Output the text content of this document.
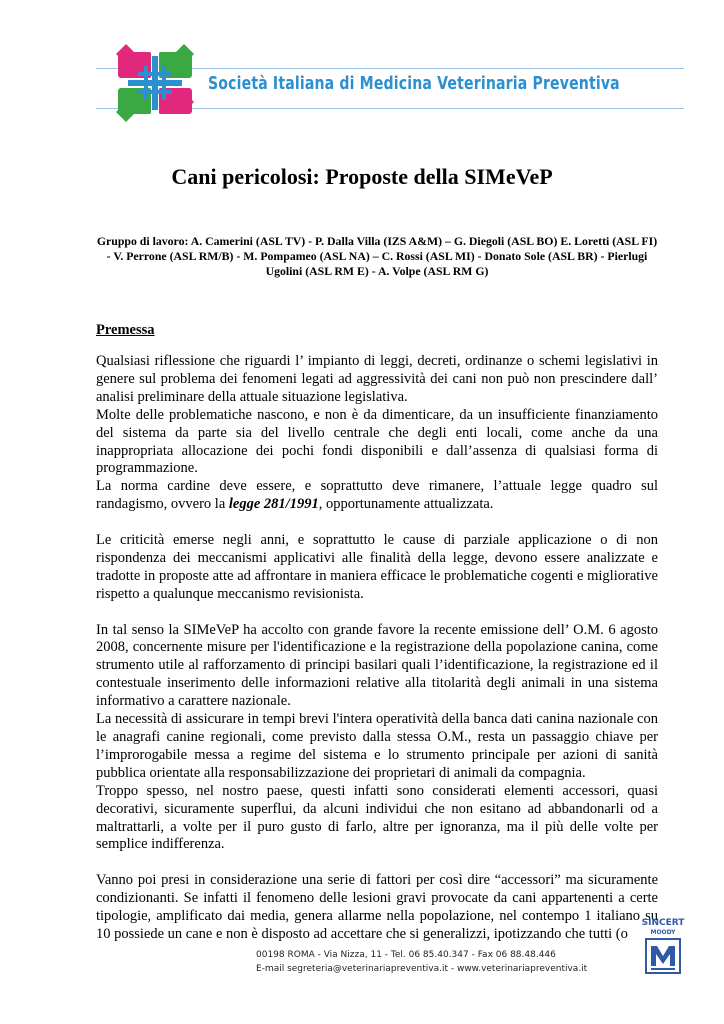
Società Italiana di Medicina Veterinaria Preventiva
Cani pericolosi: Proposte della SIMeVeP
Gruppo di lavoro: A. Camerini (ASL TV) - P. Dalla Villa (IZS A&M) – G. Diegoli (ASL BO) E. Loretti (ASL FI) - V. Perrone (ASL RM/B) - M. Pompameo (ASL NA) – C. Rossi (ASL MI) - Donato Sole (ASL BR) - Pierlugi Ugolini (ASL RM E) - A. Volpe (ASL RM G)
Premessa

Qualsiasi riflessione che riguardi l’ impianto di leggi, decreti, ordinanze o schemi legislativi in genere sul problema dei fenomeni legati ad aggressività dei cani non può non prescindere dall’ analisi preliminare della attuale situazione legislativa.

Molte delle problematiche nascono, e non è da dimenticare, da un insufficiente finanziamento del sistema da parte sia del livello centrale che degli enti locali, come anche da una inappropriata allocazione dei pochi fondi disponibili e dall’assenza di qualsiasi forma di programmazione.

La norma cardine deve essere, e soprattutto deve rimanere, l’attuale legge quadro sul randagismo, ovvero la legge 281/1991, opportunamente attualizzata.

Le criticità emerse negli anni, e soprattutto le cause di parziale applicazione o di non rispondenza dei meccanismi applicativi alle finalità della legge, devono essere analizzate e tradotte in proposte atte ad affrontare in maniera efficace le problematiche cogenti e migliorative rispetto a qualunque meccanismo revisionista.

In tal senso la SIMeVeP ha accolto con grande favore la recente emissione dell’ O.M. 6 agosto 2008, concernente misure per l'identificazione e la registrazione della popolazione canina, come strumento utile al rafforzamento di principi basilari quali l’identificazione, la registrazione ed il contestuale inserimento delle informazioni relative alla titolarità degli animali in una sistema informativo a carattere nazionale.

La necessità di assicurare in tempi brevi l'intera operatività della banca dati canina nazionale con le anagrafi canine regionali, come previsto dalla stessa O.M., resta un passaggio chiave per l’improrogabile messa a regime del sistema e lo strumento principale per azioni di sanità pubblica orientate alla responsabilizzazione dei proprietari di animali da compagnia.

Troppo spesso, nel nostro paese, questi infatti sono considerati elementi accessori, quasi decorativi, sicuramente superflui, da alcuni individui che non esitano ad abbandonarli od a maltrattarli, a volte per il puro gusto di farlo, altre per ignoranza, ma il più delle volte per semplice indifferenza.

Vanno poi presi in considerazione una serie di fattori per così dire “accessori” ma sicuramente condizionanti. Se infatti il fenomeno delle lesioni gravi provocate da cani appartenenti a certe tipologie, amplificato dai media, genera allarme nella popolazione, nel contempo 1 italiano su 10 possiede un cane e non è disposto ad accettare che si generalizzi, ipotizzando che tutti (o

00198 ROMA - Via Nizza, 11 - Tel. 06 85.40.347 - Fax 06 88.48.446
E-mail segreteria@veterinariapreventiva.it - www.veterinariapreventiva.it
SINCERT
MOODY
